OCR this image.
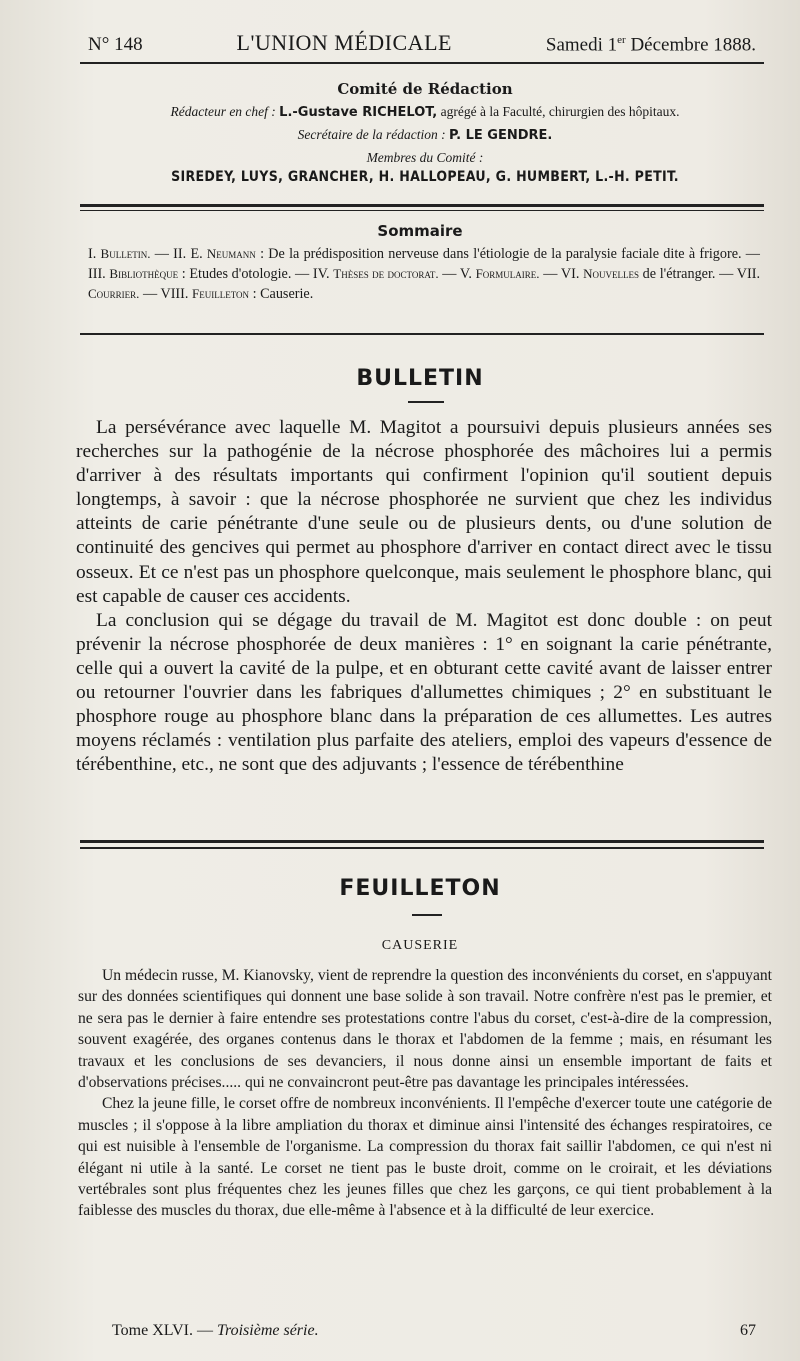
N° 148	L'UNION MÉDICALE	Samedi 1er Décembre 1888.
Comité de Rédaction
Rédacteur en chef : L.-Gustave RICHELOT, agrégé à la Faculté, chirurgien des hôpitaux.
Secrétaire de la rédaction : P. LE GENDRE.
Membres du Comité :
SIREDEY, LUYS, GRANCHER, H. HALLOPEAU, G. HUMBERT, L.-H. PETIT.
Sommaire
I. Bulletin. — II. E. Neumann : De la prédisposition nerveuse dans l'étiologie de la paralysie faciale dite à frigore. — III. Bibliothèque : Etudes d'otologie. — IV. Thèses de doctorat. — V. Formulaire. — VI. Nouvelles de l'étranger. — VII. Courrier. — VIII. Feuilleton : Causerie.
BULLETIN

La persévérance avec laquelle M. Magitot a poursuivi depuis plusieurs années ses recherches sur la pathogénie de la nécrose phosphorée des mâchoires lui a permis d'arriver à des résultats importants qui confirment l'opinion qu'il soutient depuis longtemps, à savoir : que la nécrose phosphorée ne survient que chez les individus atteints de carie pénétrante d'une seule ou de plusieurs dents, ou d'une solution de continuité des gencives qui permet au phosphore d'arriver en contact direct avec le tissu osseux. Et ce n'est pas un phosphore quelconque, mais seulement le phosphore blanc, qui est capable de causer ces accidents.

La conclusion qui se dégage du travail de M. Magitot est donc double : on peut prévenir la nécrose phosphorée de deux manières : 1° en soignant la carie pénétrante, celle qui a ouvert la cavité de la pulpe, et en obturant cette cavité avant de laisser entrer ou retourner l'ouvrier dans les fabriques d'allumettes chimiques ; 2° en substituant le phosphore rouge au phosphore blanc dans la préparation de ces allumettes. Les autres moyens réclamés : ventilation plus parfaite des ateliers, emploi des vapeurs d'essence de térébenthine, etc., ne sont que des adjuvants ; l'essence de térébenthine

FEUILLETON
CAUSERIE

Un médecin russe, M. Kianovsky, vient de reprendre la question des inconvénients du corset, en s'appuyant sur des données scientifiques qui donnent une base solide à son travail. Notre confrère n'est pas le premier, et ne sera pas le dernier à faire entendre ses protestations contre l'abus du corset, c'est-à-dire de la compression, souvent exagérée, des organes contenus dans le thorax et l'abdomen de la femme ; mais, en résumant les travaux et les conclusions de ses devanciers, il nous donne ainsi un ensemble important de faits et d'observations précises..... qui ne convaincront peut-être pas davantage les principales intéressées.

Chez la jeune fille, le corset offre de nombreux inconvénients. Il l'empêche d'exercer toute une catégorie de muscles ; il s'oppose à la libre ampliation du thorax et diminue ainsi l'intensité des échanges respiratoires, ce qui est nuisible à l'ensemble de l'organisme. La compression du thorax fait saillir l'abdomen, ce qui n'est ni élégant ni utile à la santé. Le corset ne tient pas le buste droit, comme on le croirait, et les déviations vertébrales sont plus fréquentes chez les jeunes filles que chez les garçons, ce qui tient probablement à la faiblesse des muscles du thorax, due elle-même à l'absence et à la difficulté de leur exercice.

Tome XLVI. — Troisième série.	67
